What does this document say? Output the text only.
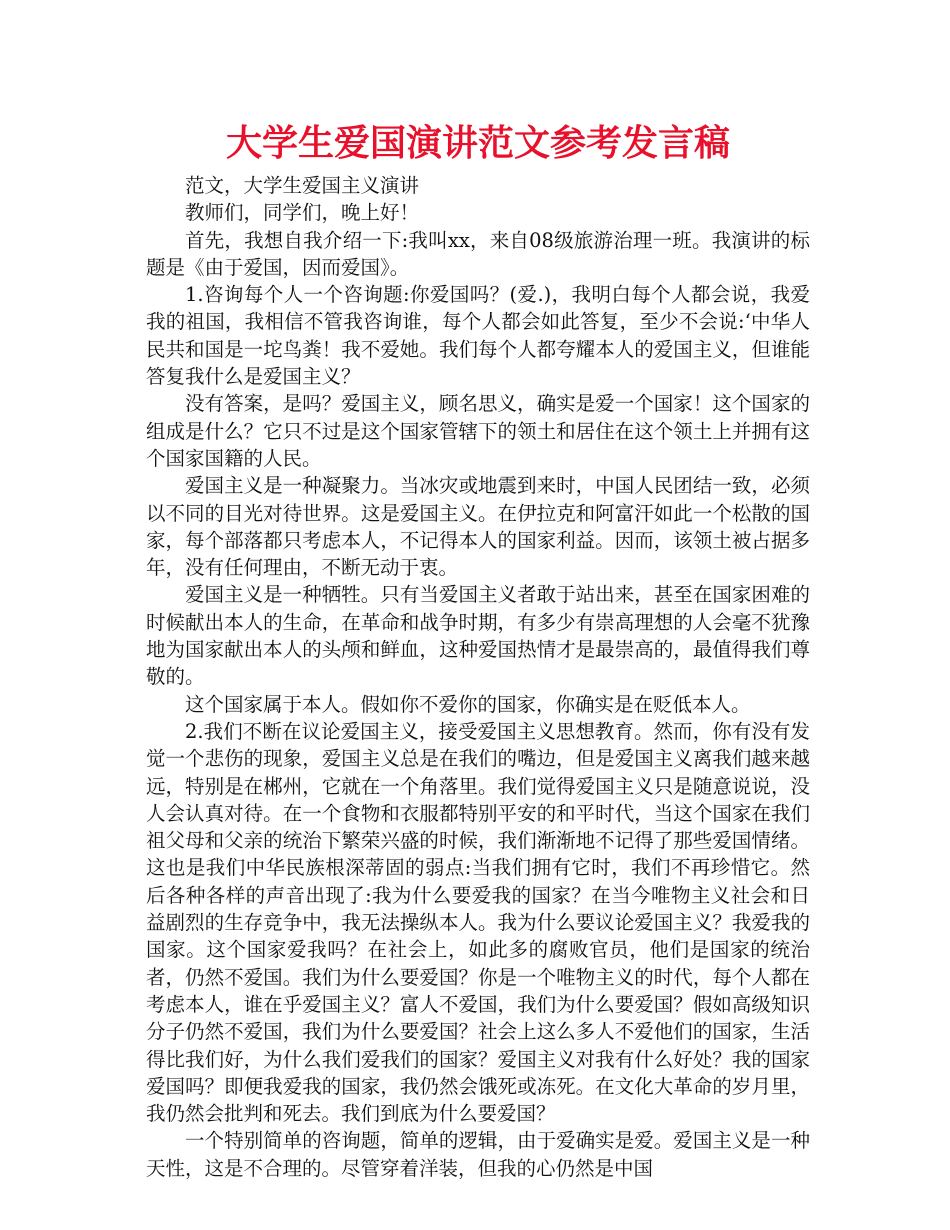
大学生爱国演讲范文参考发言稿

范文，大学生爱国主义演讲

教师们，同学们，晚上好！

首先，我想自我介绍一下:我叫xx，来自08级旅游治理一班。我演讲的标题是《由于爱国，因而爱国》。

1.咨询每个人一个咨询题:你爱国吗？(爱.)，我明白每个人都会说，我爱我的祖国，我相信不管我咨询谁，每个人都会如此答复，至少不会说:‘中华人民共和国是一坨鸟粪！我不爱她。我们每个人都夸耀本人的爱国主义，但谁能答复我什么是爱国主义？

没有答案，是吗？爱国主义，顾名思义，确实是爱一个国家！这个国家的组成是什么？它只不过是这个国家管辖下的领土和居住在这个领土上并拥有这个国家国籍的人民。

爱国主义是一种凝聚力。当冰灾或地震到来时，中国人民团结一致，必须以不同的目光对待世界。这是爱国主义。在伊拉克和阿富汗如此一个松散的国家，每个部落都只考虑本人，不记得本人的国家利益。因而，该领土被占据多年，没有任何理由，不断无动于衷。

爱国主义是一种牺牲。只有当爱国主义者敢于站出来，甚至在国家困难的时候献出本人的生命，在革命和战争时期，有多少有崇高理想的人会毫不犹豫地为国家献出本人的头颅和鲜血，这种爱国热情才是最崇高的，最值得我们尊敬的。

这个国家属于本人。假如你不爱你的国家，你确实是在贬低本人。

2.我们不断在议论爱国主义，接受爱国主义思想教育。然而，你有没有发觉一个悲伤的现象，爱国主义总是在我们的嘴边，但是爱国主义离我们越来越远，特别是在郴州，它就在一个角落里。我们觉得爱国主义只是随意说说，没人会认真对待。在一个食物和衣服都特别平安的和平时代，当这个国家在我们祖父母和父亲的统治下繁荣兴盛的时候，我们渐渐地不记得了那些爱国情绪。这也是我们中华民族根深蒂固的弱点:当我们拥有它时，我们不再珍惜它。然后各种各样的声音出现了:我为什么要爱我的国家？在当今唯物主义社会和日益剧烈的生存竞争中，我无法操纵本人。我为什么要议论爱国主义？我爱我的国家。这个国家爱我吗？在社会上，如此多的腐败官员，他们是国家的统治者，仍然不爱国。我们为什么要爱国？你是一个唯物主义的时代，每个人都在考虑本人，谁在乎爱国主义？富人不爱国，我们为什么要爱国？假如高级知识分子仍然不爱国，我们为什么要爱国？社会上这么多人不爱他们的国家，生活得比我们好，为什么我们爱我们的国家？爱国主义对我有什么好处？我的国家爱国吗？即便我爱我的国家，我仍然会饿死或冻死。在文化大革命的岁月里，我仍然会批判和死去。我们到底为什么要爱国？

一个特别简单的咨询题，简单的逻辑，由于爱确实是爱。爱国主义是一种天性，这是不合理的。尽管穿着洋装，但我的心仍然是中国
